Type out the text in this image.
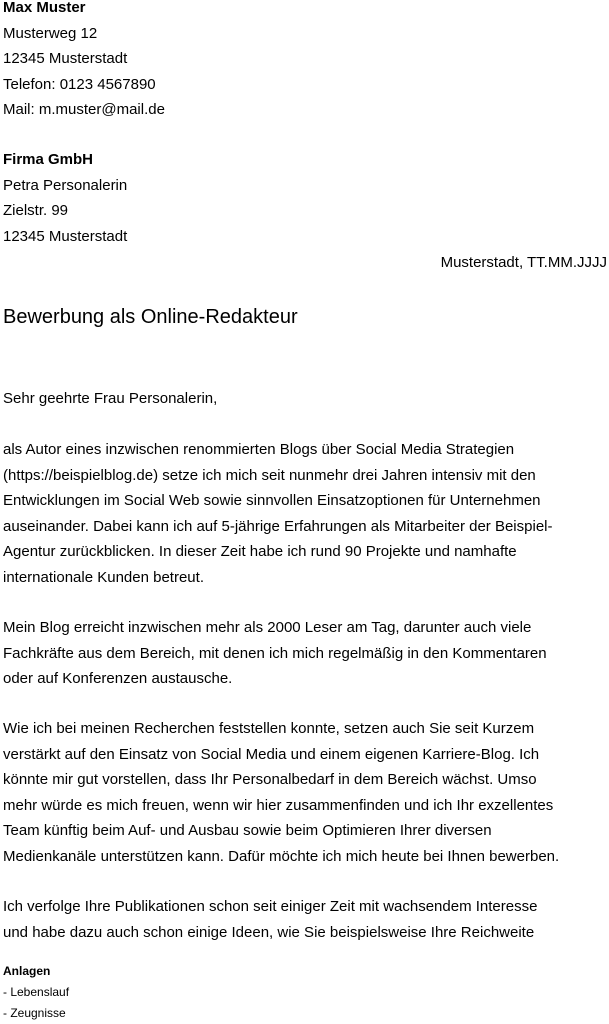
Max Muster
Musterweg 12
12345 Musterstadt
Telefon: 0123 4567890
Mail: m.muster@mail.de
Firma GmbH
Petra Personalerin
Zielstr. 99
12345 Musterstadt
Musterstadt, TT.MM.JJJJ
Bewerbung als Online-Redakteur
Sehr geehrte Frau Personalerin,
als Autor eines inzwischen renommierten Blogs über Social Media Strategien
(https://beispielblog.de) setze ich mich seit nunmehr drei Jahren intensiv mit den
Entwicklungen im Social Web sowie sinnvollen Einsatzoptionen für Unternehmen
auseinander. Dabei kann ich auf 5-jährige Erfahrungen als Mitarbeiter der Beispiel-
Agentur zurückblicken. In dieser Zeit habe ich rund 90 Projekte und namhafte
internationale Kunden betreut.
Mein Blog erreicht inzwischen mehr als 2000 Leser am Tag, darunter auch viele
Fachkräfte aus dem Bereich, mit denen ich mich regelmäßig in den Kommentaren
oder auf Konferenzen austausche.
Wie ich bei meinen Recherchen feststellen konnte, setzen auch Sie seit Kurzem
verstärkt auf den Einsatz von Social Media und einem eigenen Karriere-Blog. Ich
könnte mir gut vorstellen, dass Ihr Personalbedarf in dem Bereich wächst. Umso
mehr würde es mich freuen, wenn wir hier zusammenfinden und ich Ihr exzellentes
Team künftig beim Auf- und Ausbau sowie beim Optimieren Ihrer diversen
Medienkanäle unterstützen kann. Dafür möchte ich mich heute bei Ihnen bewerben.
Ich verfolge Ihre Publikationen schon seit einiger Zeit mit wachsendem Interesse
und habe dazu auch schon einige Ideen, wie Sie beispielsweise Ihre Reichweite
Anlagen
- Lebenslauf
- Zeugnisse
